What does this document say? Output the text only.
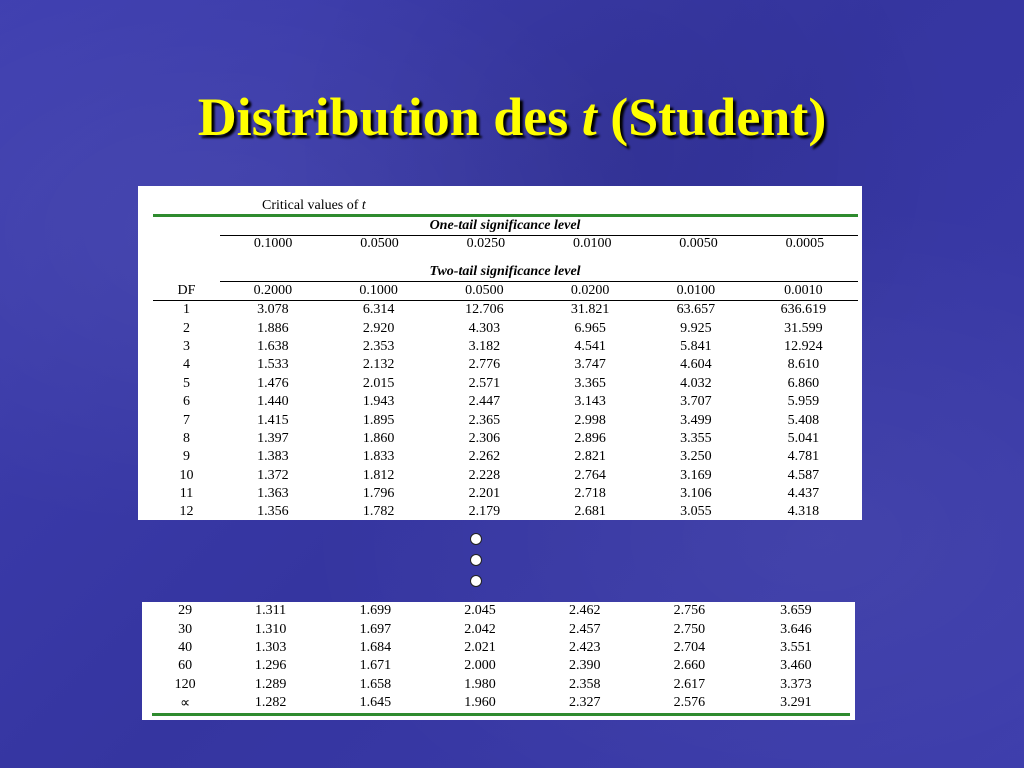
Distribution des t (Student)
Critical values of t
One-tail significance level
0.1000	0.0500	0.0250	0.0100	0.0050	0.0005
Two-tail significance level
DF	0.2000	0.1000	0.0500	0.0200	0.0100	0.0010
1	3.078	6.314	12.706	31.821	63.657	636.619
2	1.886	2.920	4.303	6.965	9.925	31.599
3	1.638	2.353	3.182	4.541	5.841	12.924
4	1.533	2.132	2.776	3.747	4.604	8.610
5	1.476	2.015	2.571	3.365	4.032	6.860
6	1.440	1.943	2.447	3.143	3.707	5.959
7	1.415	1.895	2.365	2.998	3.499	5.408
8	1.397	1.860	2.306	2.896	3.355	5.041
9	1.383	1.833	2.262	2.821	3.250	4.781
10	1.372	1.812	2.228	2.764	3.169	4.587
11	1.363	1.796	2.201	2.718	3.106	4.437
12	1.356	1.782	2.179	2.681	3.055	4.318
29	1.311	1.699	2.045	2.462	2.756	3.659
30	1.310	1.697	2.042	2.457	2.750	3.646
40	1.303	1.684	2.021	2.423	2.704	3.551
60	1.296	1.671	2.000	2.390	2.660	3.460
120	1.289	1.658	1.980	2.358	2.617	3.373
∝	1.282	1.645	1.960	2.327	2.576	3.291
